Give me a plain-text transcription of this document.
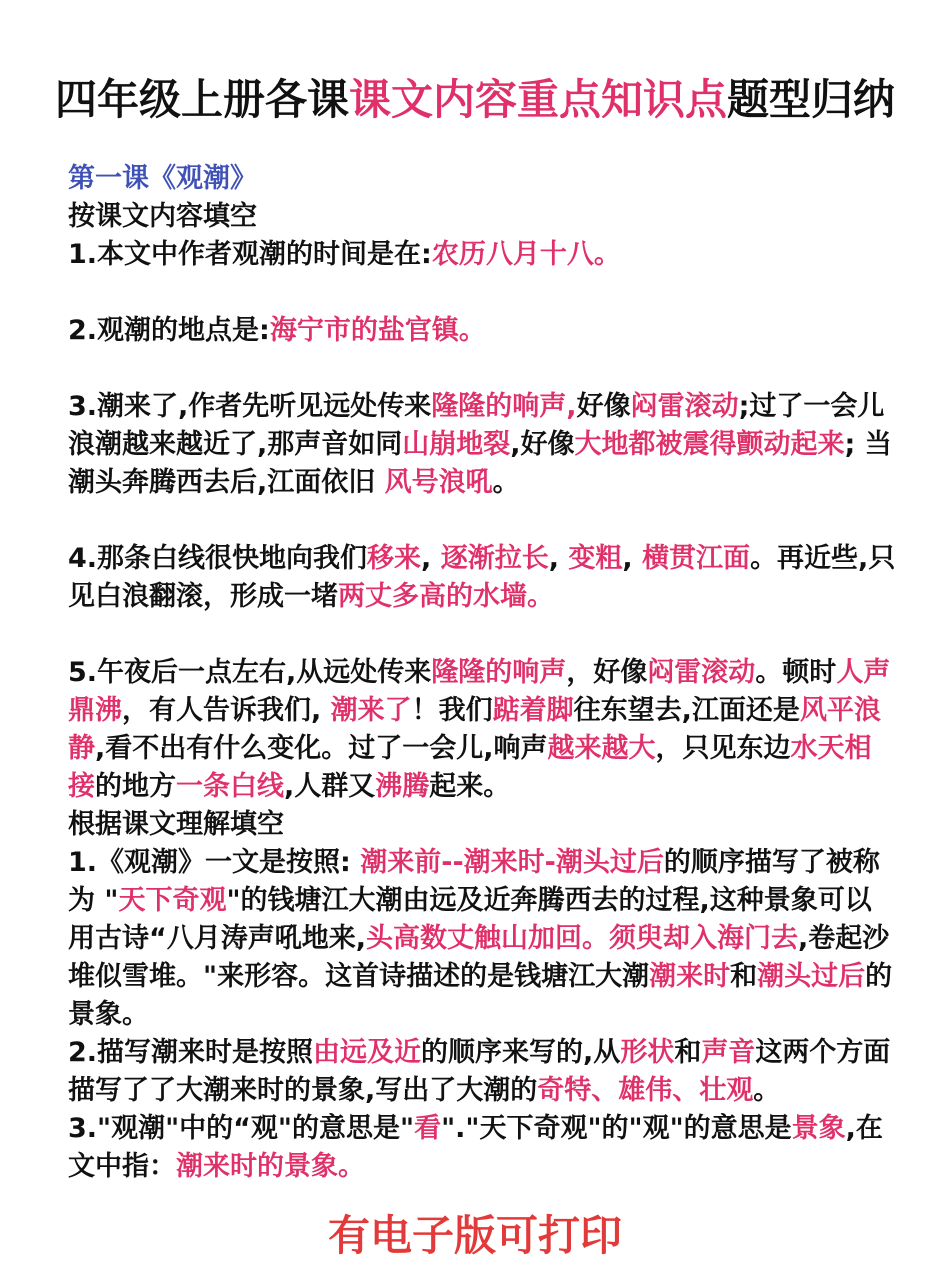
四年级上册各课课文内容重点知识点题型归纳

第一课《观潮》

按课文内容填空

1.本文中作者观潮的时间是在:农历八月十八。

2.观潮的地点是:海宁市的盐官镇。

3.潮来了,作者先听见远处传来隆隆的响声,好像闷雷滚动;过了一会儿浪潮越来越近了,那声音如同山崩地裂,好像大地都被震得颤动起来; 当潮头奔腾西去后,江面依旧 风号浪吼。

4.那条白线很快地向我们移来, 逐渐拉长, 变粗, 横贯江面。再近些,只见白浪翻滚，形成一堵两丈多高的水墙。

5.午夜后一点左右,从远处传来隆隆的响声，好像闷雷滚动。顿时人声鼎沸，有人告诉我们, 潮来了！我们踮着脚往东望去,江面还是风平浪静,看不出有什么变化。过了一会儿,响声越来越大，只见东边水天相接的地方一条白线,人群又沸腾起来。

根据课文理解填空

1.《观潮》一文是按照: 潮来前--潮来时-潮头过后的顺序描写了被称为 "天下奇观"的钱塘江大潮由远及近奔腾西去的过程,这种景象可以用古诗“八月涛声吼地来,头高数丈触山加回。须臾却入海门去,卷起沙堆似雪堆。"来形容。这首诗描述的是钱塘江大潮潮来时和潮头过后的景象。

2.描写潮来时是按照由远及近的顺序来写的,从形状和声音这两个方面描写了了大潮来时的景象,写出了大潮的奇特、雄伟、壮观。

3."观潮"中的“观"的意思是"看"."天下奇观"的"观"的意思是景象,在文中指：潮来时的景象。

有电子版可打印
